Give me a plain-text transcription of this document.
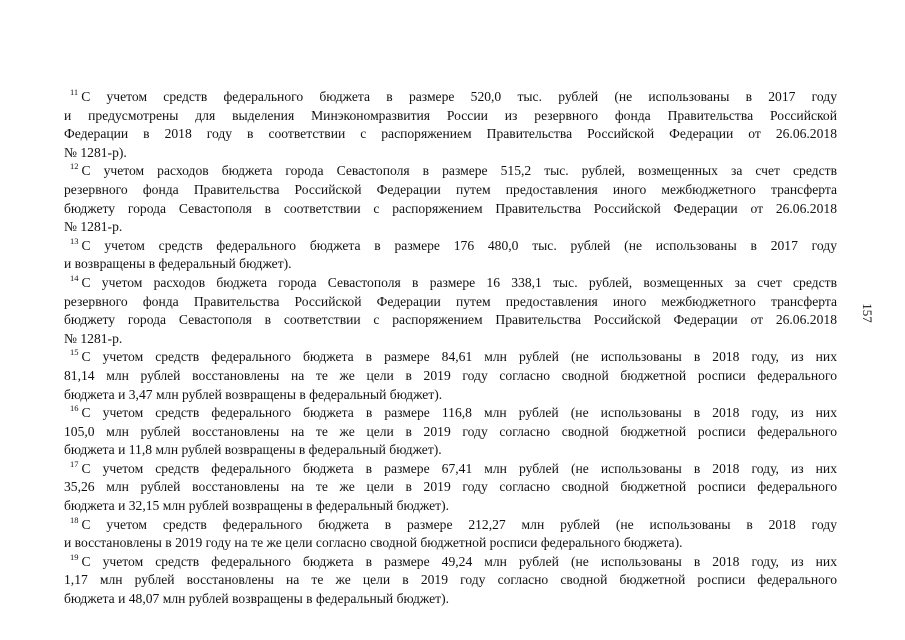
$^{11}$ С учетом средств федерального бюджета в размере 520,0 тыс. рублей (не использованы в 2017 году
и предусмотрены для выделения Минэкономразвития России из резервного фонда Правительства Российской
Федерации в 2018 году в соответствии с распоряжением Правительства Российской Федерации от 26.06.2018
№ 1281-р).

$^{12}$ С учетом расходов бюджета города Севастополя в размере 515,2 тыс. рублей, возмещенных за счет средств
резервного фонда Правительства Российской Федерации путем предоставления иного межбюджетного трансферта
бюджету города Севастополя в соответствии с распоряжением Правительства Российской Федерации от 26.06.2018
№ 1281-р.

$^{13}$ С учетом средств федерального бюджета в размере 176 480,0 тыс. рублей (не использованы в 2017 году
и возвращены в федеральный бюджет).

$^{14}$ С учетом расходов бюджета города Севастополя в размере 16 338,1 тыс. рублей, возмещенных за счет средств
резервного фонда Правительства Российской Федерации путем предоставления иного межбюджетного трансферта
бюджету города Севастополя в соответствии с распоряжением Правительства Российской Федерации от 26.06.2018
№ 1281-р.

$^{15}$ С учетом средств федерального бюджета в размере 84,61 млн рублей (не использованы в 2018 году, из них
81,14 млн рублей восстановлены на те же цели в 2019 году согласно сводной бюджетной росписи федерального
бюджета и 3,47 млн рублей возвращены в федеральный бюджет).

$^{16}$ С учетом средств федерального бюджета в размере 116,8 млн рублей (не использованы в 2018 году, из них
105,0 млн рублей восстановлены на те же цели в 2019 году согласно сводной бюджетной росписи федерального
бюджета и 11,8 млн рублей возвращены в федеральный бюджет).

$^{17}$ С учетом средств федерального бюджета в размере 67,41 млн рублей (не использованы в 2018 году, из них
35,26 млн рублей восстановлены на те же цели в 2019 году согласно сводной бюджетной росписи федерального
бюджета и 32,15 млн рублей возвращены в федеральный бюджет).

$^{18}$ С учетом средств федерального бюджета в размере 212,27 млн рублей (не использованы в 2018 году
и восстановлены в 2019 году на те же цели согласно сводной бюджетной росписи федерального бюджета).

$^{19}$ С учетом средств федерального бюджета в размере 49,24 млн рублей (не использованы в 2018 году, из них
1,17 млн рублей восстановлены на те же цели в 2019 году согласно сводной бюджетной росписи федерального
бюджета и 48,07 млн рублей возвращены в федеральный бюджет).

157
